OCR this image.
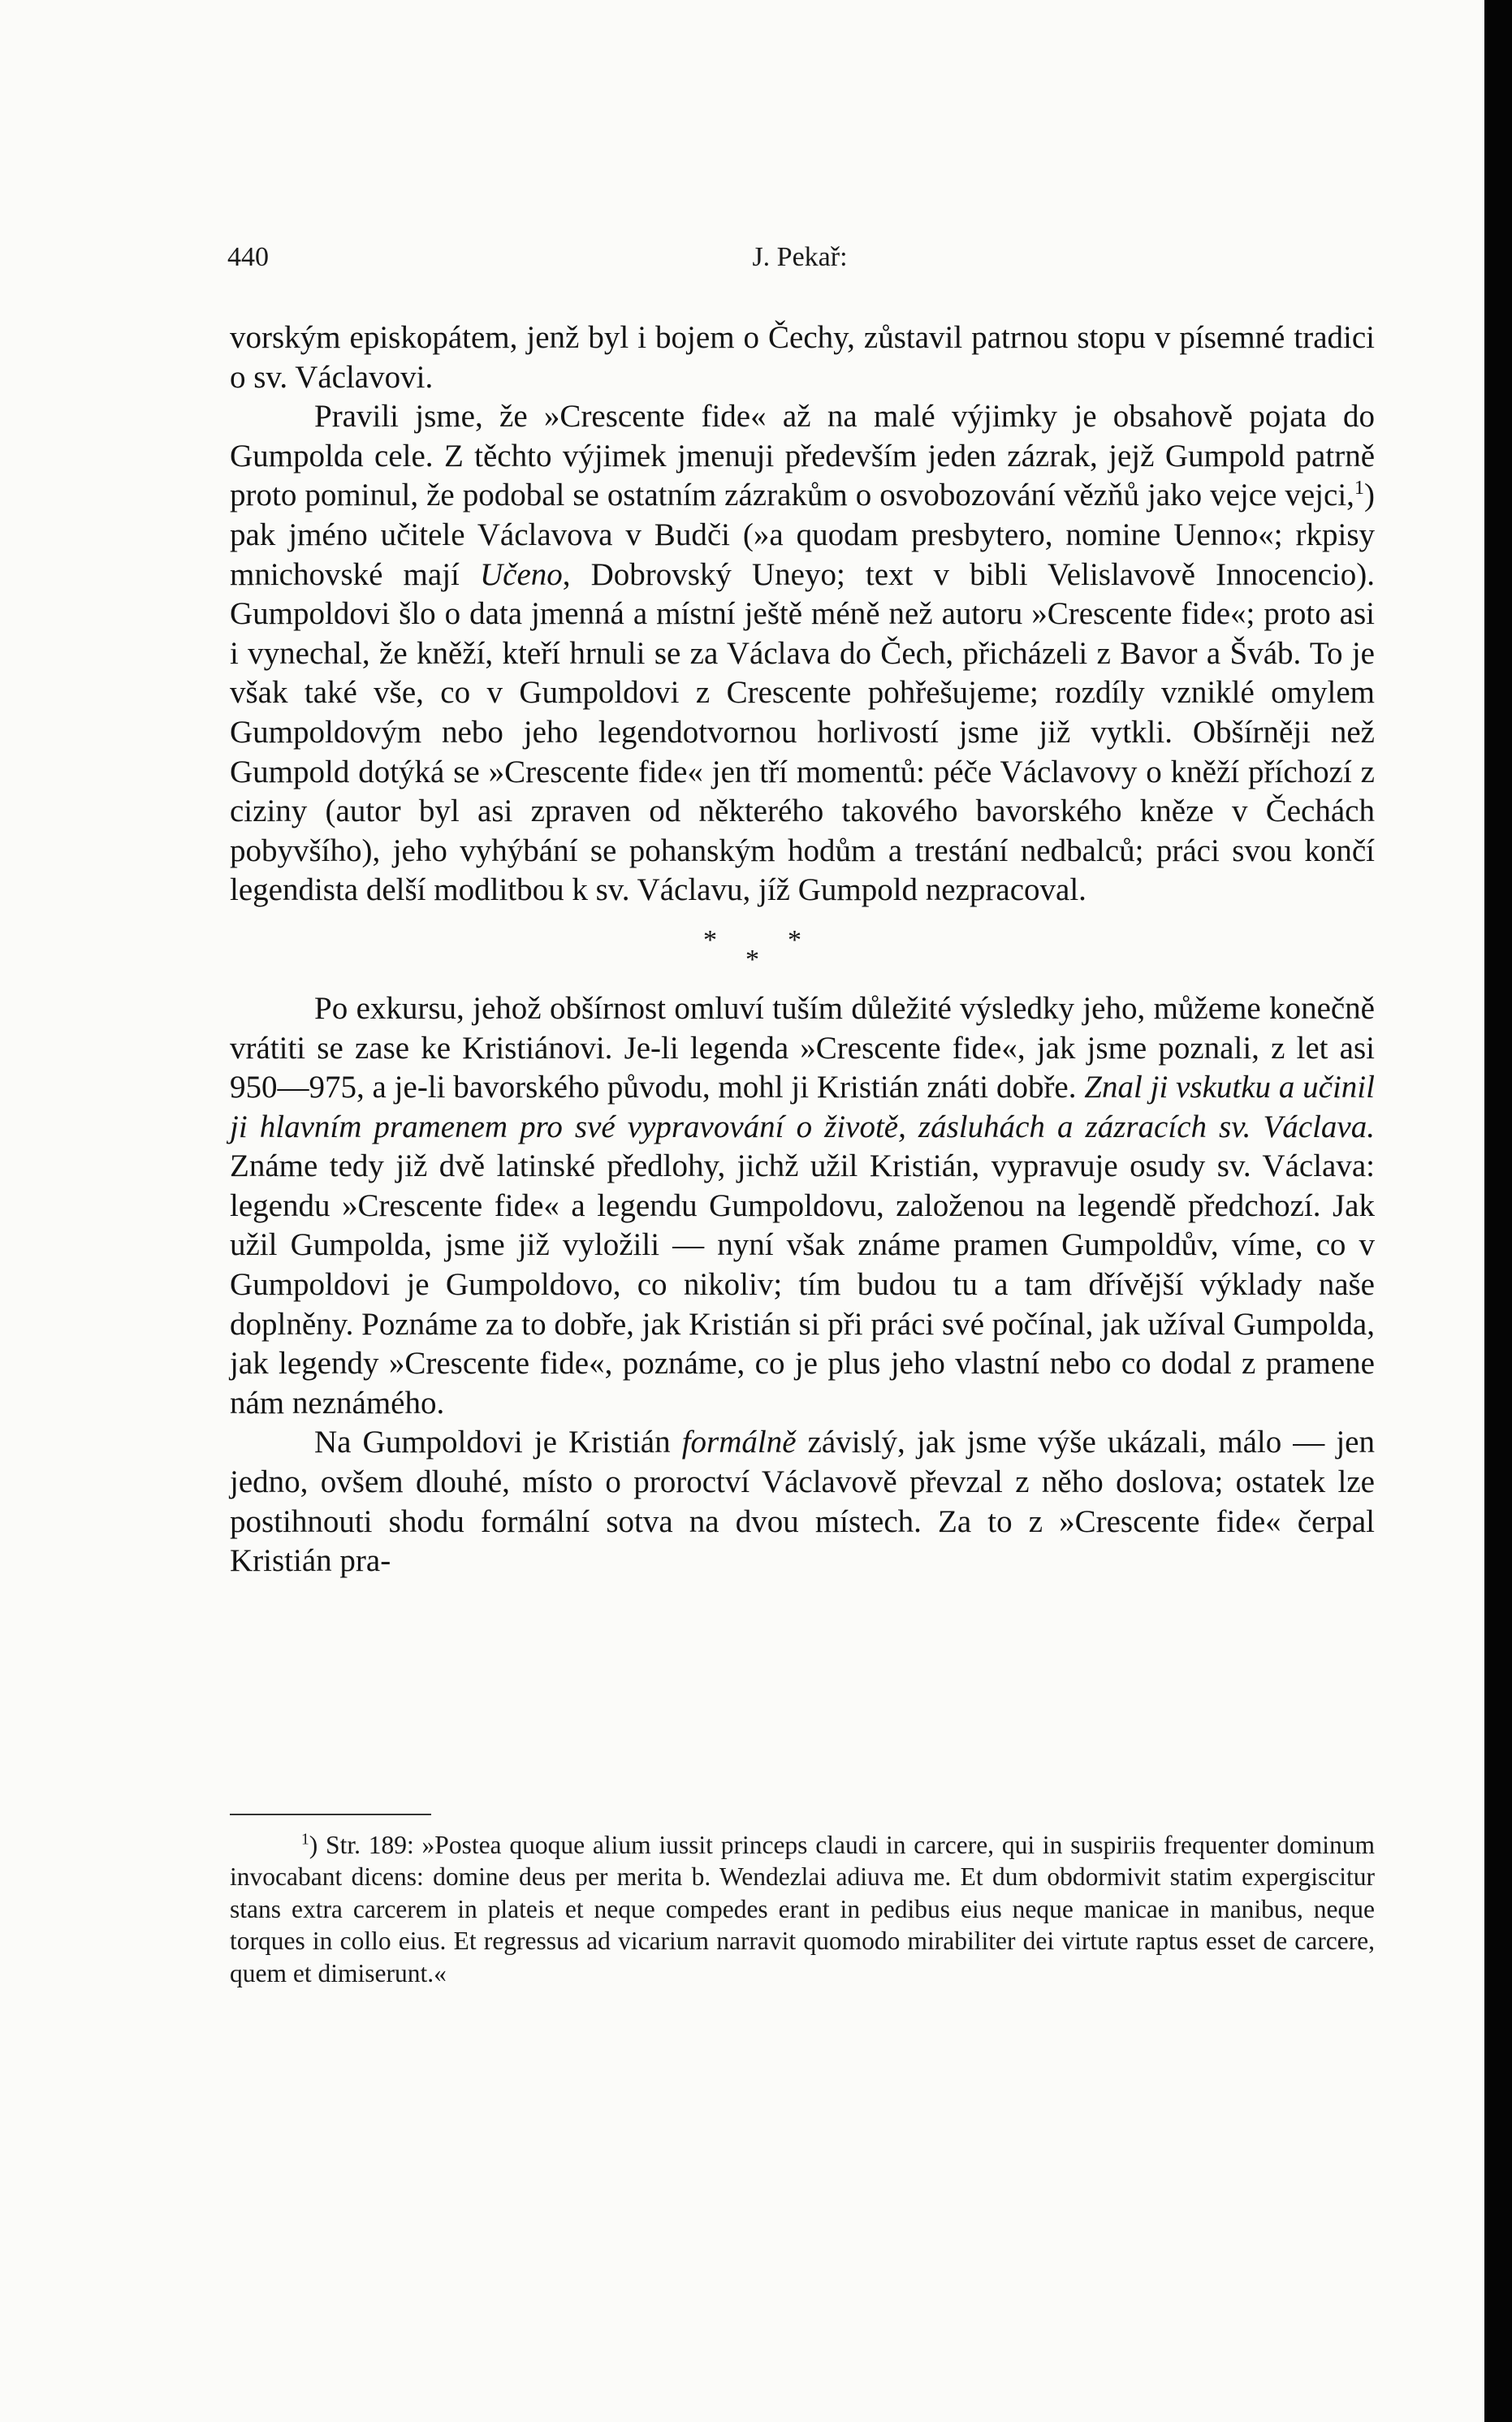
440	J. Pekař:

vorským episkopátem, jenž byl i bojem o Čechy, zůstavil patrnou stopu v písemné tradici o sv. Václavovi.

Pravili jsme, že »Crescente fide« až na malé výjimky je obsahově pojata do Gumpolda cele. Z těchto výjimek jmenuji především jeden zázrak, jejž Gumpold patrně proto pominul, že podobal se ostatním zázrakům o osvobozování vězňů jako vejce vejci,$^1$) pak jméno učitele Václavova v Budči (»a quodam presbytero, nomine Uenno«; rkpisy mnichovské mají Učeno, Dobrovský Uneyo; text v bibli Velislavově Innocencio). Gumpoldovi šlo o data jmenná a místní ještě méně než autoru »Crescente fide«; proto asi i vynechal, že kněží, kteří hrnuli se za Václava do Čech, přicházeli z Bavor a Šváb. To je však také vše, co v Gumpoldovi z Crescente pohřešujeme; rozdíly vzniklé omylem Gumpoldovým nebo jeho legendotvornou horlivostí jsme již vytkli. Obšírněji než Gumpold dotýká se »Crescente fide« jen tří momentů: péče Václavovy o kněží příchozí z ciziny (autor byl asi zpraven od některého takového bavorského kněze v Čechách pobyvšího), jeho vyhýbání se pohanským hodům a trestání nedbalců; práci svou končí legendista delší modlitbou k sv. Václavu, jíž Gumpold nezpracoval.

*	*
*

Po exkursu, jehož obšírnost omluví tuším důležité výsledky jeho, můžeme konečně vrátiti se zase ke Kristiánovi. Je-li legenda »Crescente fide«, jak jsme poznali, z let asi 950—975, a je-li bavorského původu, mohl ji Kristián znáti dobře. Znal ji vskutku a učinil ji hlavním pramenem pro své vypravování o životě, zásluhách a zázracích sv. Václava. Známe tedy již dvě latinské předlohy, jichž užil Kristián, vypravuje osudy sv. Václava: legendu »Crescente fide« a legendu Gumpoldovu, založenou na legendě předchozí. Jak užil Gumpolda, jsme již vyložili — nyní však známe pramen Gumpoldův, víme, co v Gumpoldovi je Gumpoldovo, co nikoliv; tím budou tu a tam dřívější výklady naše doplněny. Poznáme za to dobře, jak Kristián si při práci své počínal, jak užíval Gumpolda, jak legendy »Crescente fide«, poznáme, co je plus jeho vlastní nebo co dodal z pramene nám neznámého.

Na Gumpoldovi je Kristián formálně závislý, jak jsme výše ukázali, málo — jen jedno, ovšem dlouhé, místo o proroctví Václavově převzal z něho doslova; ostatek lze postihnouti shodu formální sotva na dvou místech. Za to z »Crescente fide« čerpal Kristián pra-

$^1$) Str. 189: »Postea quoque alium iussit princeps claudi in carcere, qui in suspiriis frequenter dominum invocabant dicens: domine deus per merita b. Wendezlai adiuva me. Et dum obdormivit statim expergiscitur stans extra carcerem in plateis et neque compedes erant in pedibus eius neque manicae in manibus, neque torques in collo eius. Et regressus ad vicarium narravit quomodo mirabiliter dei virtute raptus esset de carcere, quem et dimiserunt.«
